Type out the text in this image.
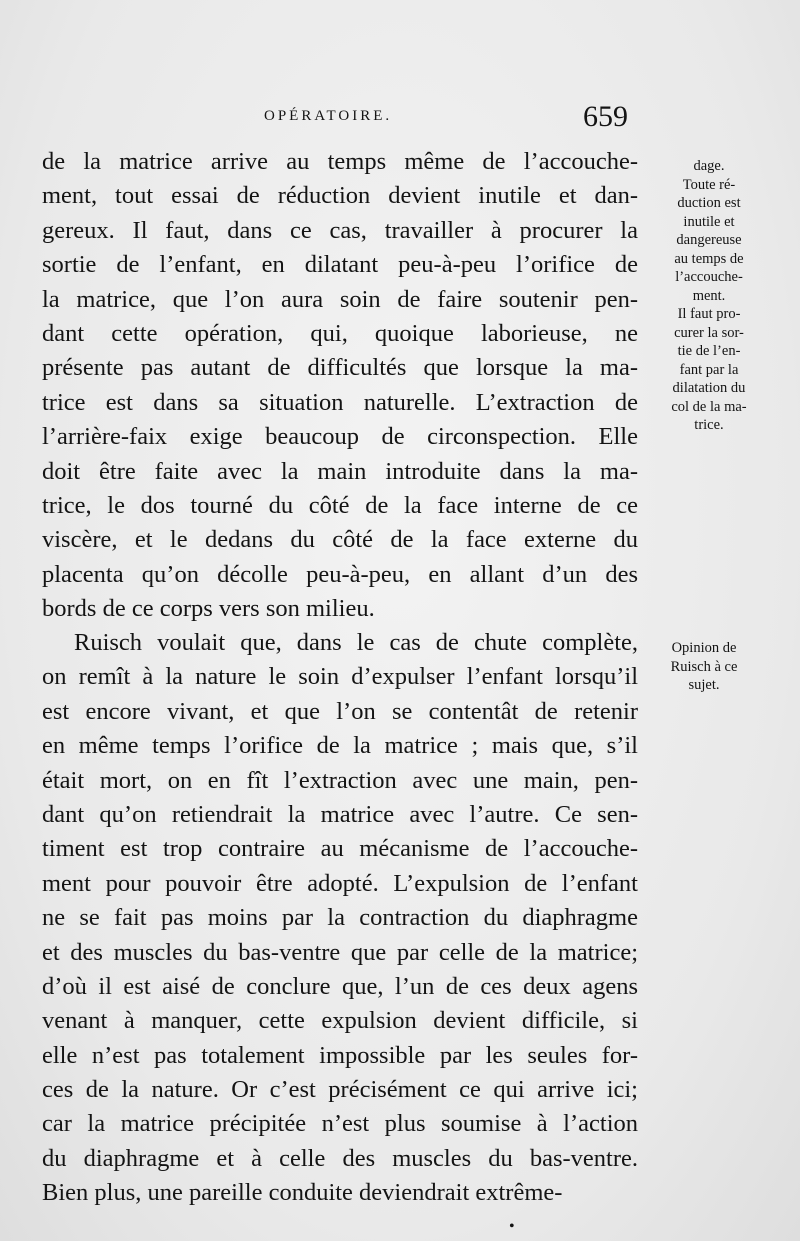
OPÉRATOIRE.	659

de la matrice arrive au temps même de l’accouche-
ment, tout essai de réduction devient inutile et dan-
gereux. Il faut, dans ce cas, travailler à procurer la
sortie de l’enfant, en dilatant peu-à-peu l’orifice de
la matrice, que l’on aura soin de faire soutenir pen-
dant cette opération, qui, quoique laborieuse, ne
présente pas autant de difficultés que lorsque la ma-
trice est dans sa situation naturelle. L’extraction de
l’arrière-faix exige beaucoup de circonspection. Elle
doit être faite avec la main introduite dans la ma-
trice, le dos tourné du côté de la face interne de ce
viscère, et le dedans du côté de la face externe du
placenta qu’on décolle peu-à-peu, en allant d’un des
bords de ce corps vers son milieu.

Ruisch voulait que, dans le cas de chute complète,
on remît à la nature le soin d’expulser l’enfant lorsqu’il
est encore vivant, et que l’on se contentât de retenir
en même temps l’orifice de la matrice ; mais que, s’il
était mort, on en fît l’extraction avec une main, pen-
dant qu’on retiendrait la matrice avec l’autre. Ce sen-
timent est trop contraire au mécanisme de l’accouche-
ment pour pouvoir être adopté. L’expulsion de l’enfant
ne se fait pas moins par la contraction du diaphragme
et des muscles du bas-ventre que par celle de la matrice;
d’où il est aisé de conclure que, l’un de ces deux agens
venant à manquer, cette expulsion devient difficile, si
elle n’est pas totalement impossible par les seules for-
ces de la nature. Or c’est précisément ce qui arrive ici;
car la matrice précipitée n’est plus soumise à l’action
du diaphragme et à celle des muscles du bas-ventre.
Bien plus, une pareille conduite deviendrait extrême-

dage.
Toute ré-
duction est
inutile et
dangereuse
au temps de
l’accouche-
ment.
Il faut pro-
curer la sor-
tie de l’en-
fant par la
dilatation du
col de la ma-
trice.
Opinion de
Ruisch à ce
sujet.
•
